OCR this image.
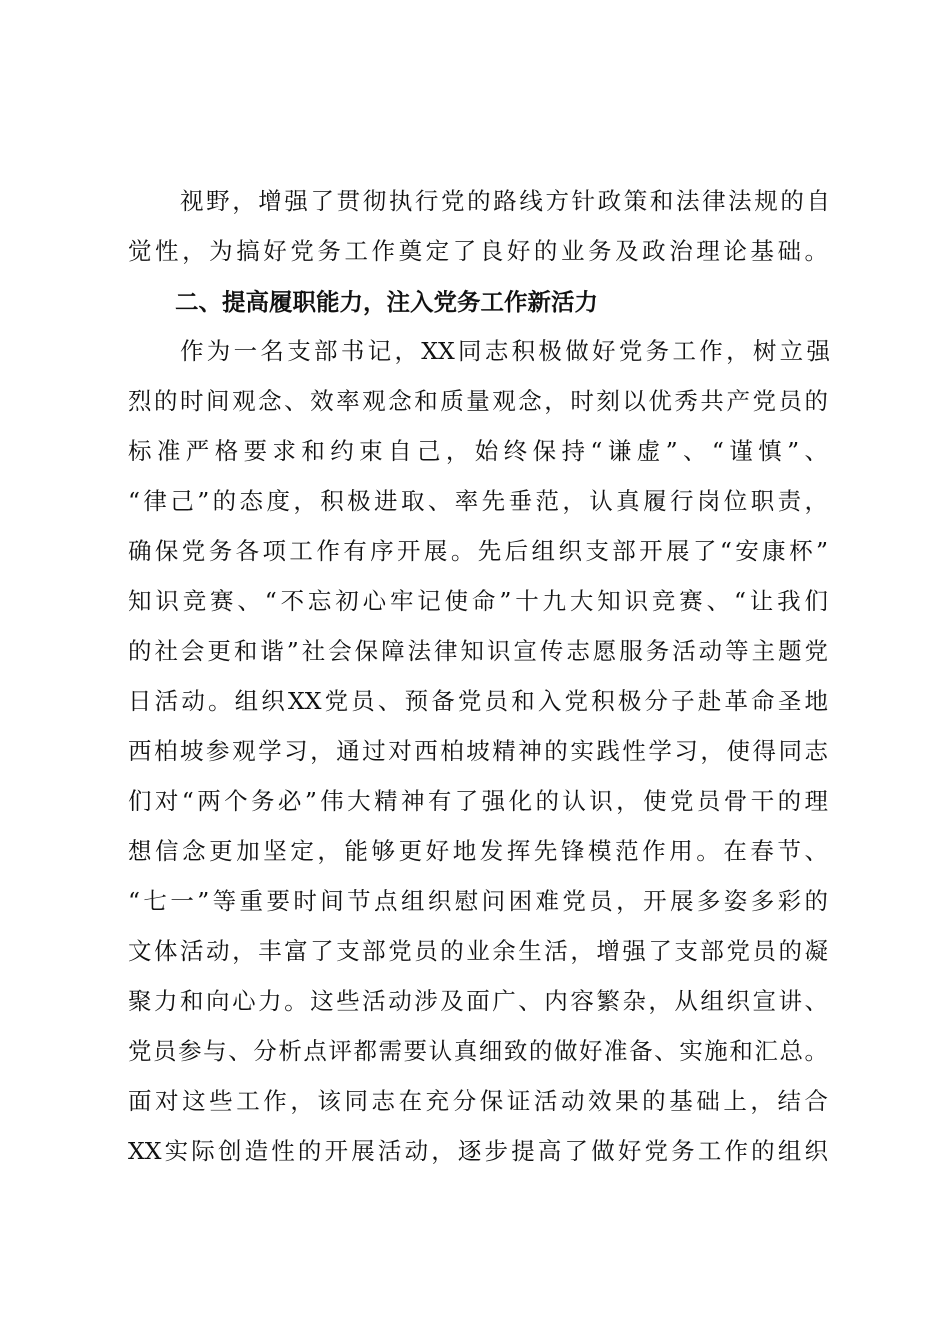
视野，增强了贯彻执行党的路线方针政策和法律法规的自

觉性，为搞好党务工作奠定了良好的业务及政治理论基础。

二、提高履职能力，注入党务工作新活力

作为一名支部书记，XX同志积极做好党务工作，树立强

烈的时间观念、效率观念和质量观念，时刻以优秀共产党员的

标准严格要求和约束自己，始终保持“谦虚”、“谨慎”、

“律己”的态度，积极进取、率先垂范，认真履行岗位职责，

确保党务各项工作有序开展。先后组织支部开展了“安康杯”

知识竞赛、“不忘初心牢记使命”十九大知识竞赛、“让我们

的社会更和谐”社会保障法律知识宣传志愿服务活动等主题党

日活动。组织XX党员、预备党员和入党积极分子赴革命圣地

西柏坡参观学习，通过对西柏坡精神的实践性学习，使得同志

们对“两个务必”伟大精神有了强化的认识，使党员骨干的理

想信念更加坚定，能够更好地发挥先锋模范作用。在春节、

“七一”等重要时间节点组织慰问困难党员，开展多姿多彩的

文体活动，丰富了支部党员的业余生活，增强了支部党员的凝

聚力和向心力。这些活动涉及面广、内容繁杂，从组织宣讲、

党员参与、分析点评都需要认真细致的做好准备、实施和汇总。

面对这些工作，该同志在充分保证活动效果的基础上，结合

XX实际创造性的开展活动，逐步提高了做好党务工作的组织
